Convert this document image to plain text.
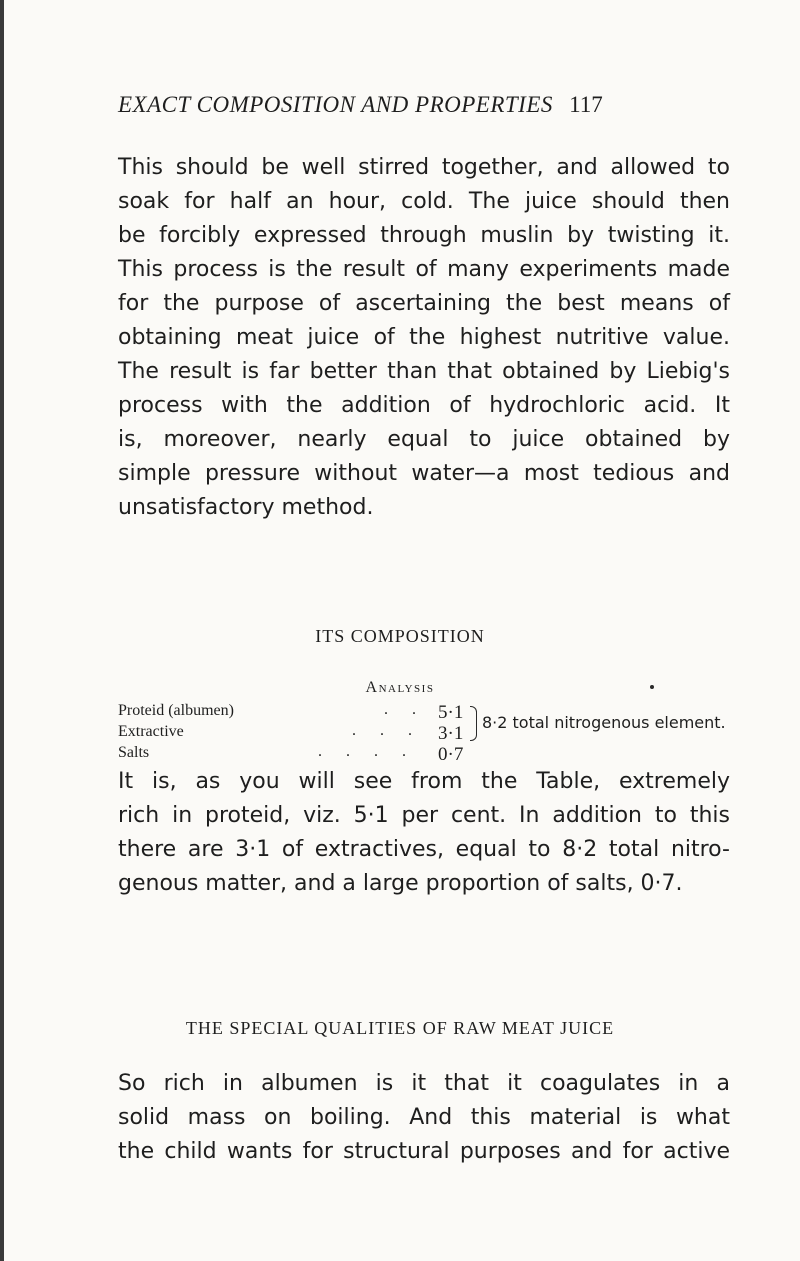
EXACT COMPOSITION AND PROPERTIES 117

This should be well stirred together, and allowed to
soak for half an hour, cold. The juice should then
be forcibly expressed through muslin by twisting it.
This process is the result of many experiments made
for the purpose of ascertaining the best means of
obtaining meat juice of the highest nutritive value.
The result is far better than that obtained by Liebig's
process with the addition of hydrochloric acid. It
is, moreover, nearly equal to juice obtained by
simple pressure without water—a most tedious and
unsatisfactory method.

ITS COMPOSITION
Analysis
Proteid (albumen)	. . 5·1
Extractive	. . . 3·1
Salts	. . . . 0·7
8·2 total nitrogenous element.

It is, as you will see from the Table, extremely
rich in proteid, viz. 5·1 per cent. In addition to this
there are 3·1 of extractives, equal to 8·2 total nitro-
genous matter, and a large proportion of salts, 0·7.

THE SPECIAL QUALITIES OF RAW MEAT JUICE

So rich in albumen is it that it coagulates in a
solid mass on boiling. And this material is what
the child wants for structural purposes and for active
